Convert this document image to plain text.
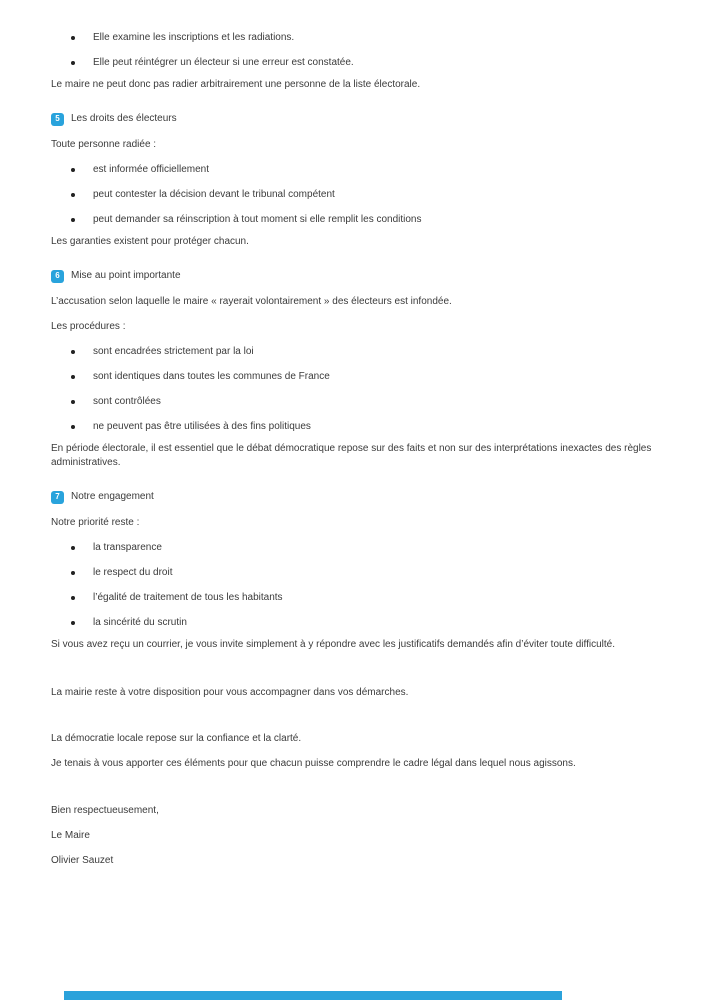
Elle examine les inscriptions et les radiations.
Elle peut réintégrer un électeur si une erreur est constatée.

Le maire ne peut donc pas radier arbitrairement une personne de la liste électorale.

5	Les droits des électeurs

Toute personne radiée :

est informée officiellement
peut contester la décision devant le tribunal compétent
peut demander sa réinscription à tout moment si elle remplit les conditions

Les garanties existent pour protéger chacun.

6	Mise au point importante

L’accusation selon laquelle le maire « rayerait volontairement » des électeurs est infondée.

Les procédures :

sont encadrées strictement par la loi
sont identiques dans toutes les communes de France
sont contrôlées
ne peuvent pas être utilisées à des fins politiques

En période électorale, il est essentiel que le débat démocratique repose sur des faits et non sur des interprétations inexactes des règles administratives.

7	Notre engagement

Notre priorité reste :

la transparence
le respect du droit
l’égalité de traitement de tous les habitants
la sincérité du scrutin

Si vous avez reçu un courrier, je vous invite simplement à y répondre avec les justificatifs demandés afin d’éviter toute difficulté.

La mairie reste à votre disposition pour vous accompagner dans vos démarches.

La démocratie locale repose sur la confiance et la clarté.

Je tenais à vous apporter ces éléments pour que chacun puisse comprendre le cadre légal dans lequel nous agissons.

Bien respectueusement,

Le Maire

Olivier Sauzet
